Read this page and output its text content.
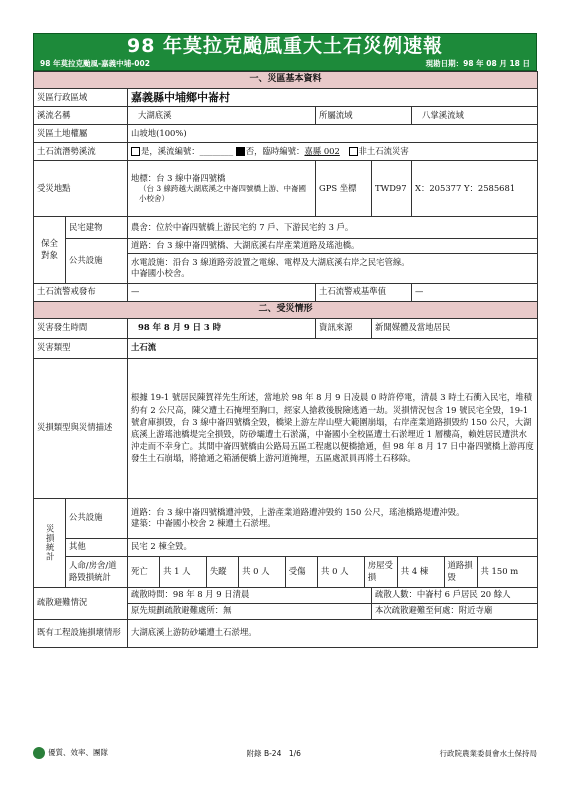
98 年莫拉克颱風重大土石災例速報
98 年莫拉克颱風-嘉義中埔-002	現勘日期：98 年 08 月 18 日
一、災區基本資料
災區行政區域	嘉義縣中埔鄉中崙村
溪流名稱	大湖底溪	所屬流域	八掌溪流域
災區土地權屬	山坡地(100%)
土石流潛勢溪流	是，溪流編號：________ 否，臨時編號：嘉縣 002 非土石流災害
受災地點	
地標：台 3 線中崙四號橋
（台 3 線跨越大湖底溪之中崙四號橋上游、中崙國小校舍）
	GPS 坐標	TWD97	X：205377 Y：2585681
保全對象	民宅建物	農舍：位於中崙四號橋上游民宅約 7 戶、下游民宅約 3 戶。
公共設施	道路：台 3 線中崙四號橋、大湖底溪右岸產業道路及瑤池橋。

水電設施：沿台 3 線道路旁設置之電線、電桿及大湖底溪右岸之民宅管線。
中崙國小校舍。

土石流警戒發布	—	土石流警戒基準值	—
二、受災情形
災害發生時間	98 年 8 月 9 日 3 時	資訊來源	新聞媒體及當地居民
災害類型	土石流
災損類型與災情描述	根據 19-1 號居民陳賀祥先生所述，當地於 98 年 8 月 9 日凌晨 0 時許停電，清晨 3 時土石衝入民宅，堆積約有 2 公尺高，陳父遭土石掩埋至胸口，經家人搶救後脫險逃過一劫。災損情況包含 19 號民宅全毀，19-1 號倉庫損毀，台 3 線中崙四號橋全毀，橋梁上游左岸山壁大範圍崩塌，右岸產業道路損毀約 150 公尺，大湖底溪上游瑤池橋堤完全損毀，防砂壩遭土石淤滿，中崙國小全校區遭土石淤埋近 1 層樓高，賴姓居民遭洪水沖走而不幸身亡。其間中崙四號橋由公路局五區工程處以便橋搶通，但 98 年 8 月 17 日中崙四號橋上游再度發生土石崩塌，將搶通之箱涵便橋上游河道掩埋，五區處派員再將土石移除。
災損統計	公共設施	
道路：台 3 線中崙四號橋遭沖毀，上游產業道路遭沖毀約 150 公尺，瑤池橋路堤遭沖毀。
建築：中崙國小校舍 2 棟遭土石淤埋。

其他	民宅 2 棟全毀。
人命/房舍/道路毀損統計	
死亡	共 1 人	失蹤	共 0 人	受傷	共 0 人	房屋受損	共 4 棟	道路損毀	共 150 m

疏散避難情況	疏散時間：98 年 8 月 9 日清晨	疏散人數：中崙村 6 戶居民 20 餘人
原先規劃疏散避難處所：無	本次疏散避難至何處：附近寺廟
既有工程設施損壞情形	大湖底溪上游防砂壩遭土石淤埋。
優質、效率、團隊	附錄 B-24　1/6	行政院農業委員會水土保持局
